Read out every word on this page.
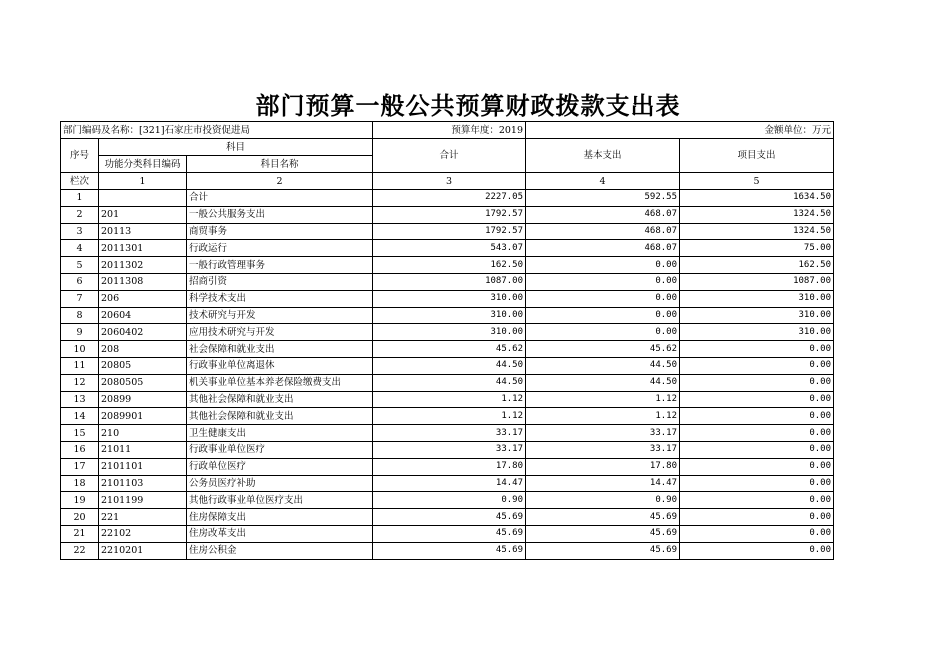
部门预算一般公共预算财政拨款支出表
部门编码及名称：[321]石家庄市投资促进局			预算年度：2019	金额单位：万元	
序号	科目		合计	基本支出	项目支出
	功能分类科目编码	科目名称			
栏次	1	2	3	4	5
1		合计	2227.05	592.55	1634.50
2	201	一般公共服务支出	1792.57	468.07	1324.50
3	20113	商贸事务	1792.57	468.07	1324.50
4	2011301	行政运行	543.07	468.07	75.00
5	2011302	一般行政管理事务	162.50	0.00	162.50
6	2011308	招商引资	1087.00	0.00	1087.00
7	206	科学技术支出	310.00	0.00	310.00
8	20604	技术研究与开发	310.00	0.00	310.00
9	2060402	应用技术研究与开发	310.00	0.00	310.00
10	208	社会保障和就业支出	45.62	45.62	0.00
11	20805	行政事业单位离退休	44.50	44.50	0.00
12	2080505	机关事业单位基本养老保险缴费支出	44.50	44.50	0.00
13	20899	其他社会保障和就业支出	1.12	1.12	0.00
14	2089901	其他社会保障和就业支出	1.12	1.12	0.00
15	210	卫生健康支出	33.17	33.17	0.00
16	21011	行政事业单位医疗	33.17	33.17	0.00
17	2101101	行政单位医疗	17.80	17.80	0.00
18	2101103	公务员医疗补助	14.47	14.47	0.00
19	2101199	其他行政事业单位医疗支出	0.90	0.90	0.00
20	221	住房保障支出	45.69	45.69	0.00
21	22102	住房改革支出	45.69	45.69	0.00
22	2210201	住房公积金	45.69	45.69	0.00
